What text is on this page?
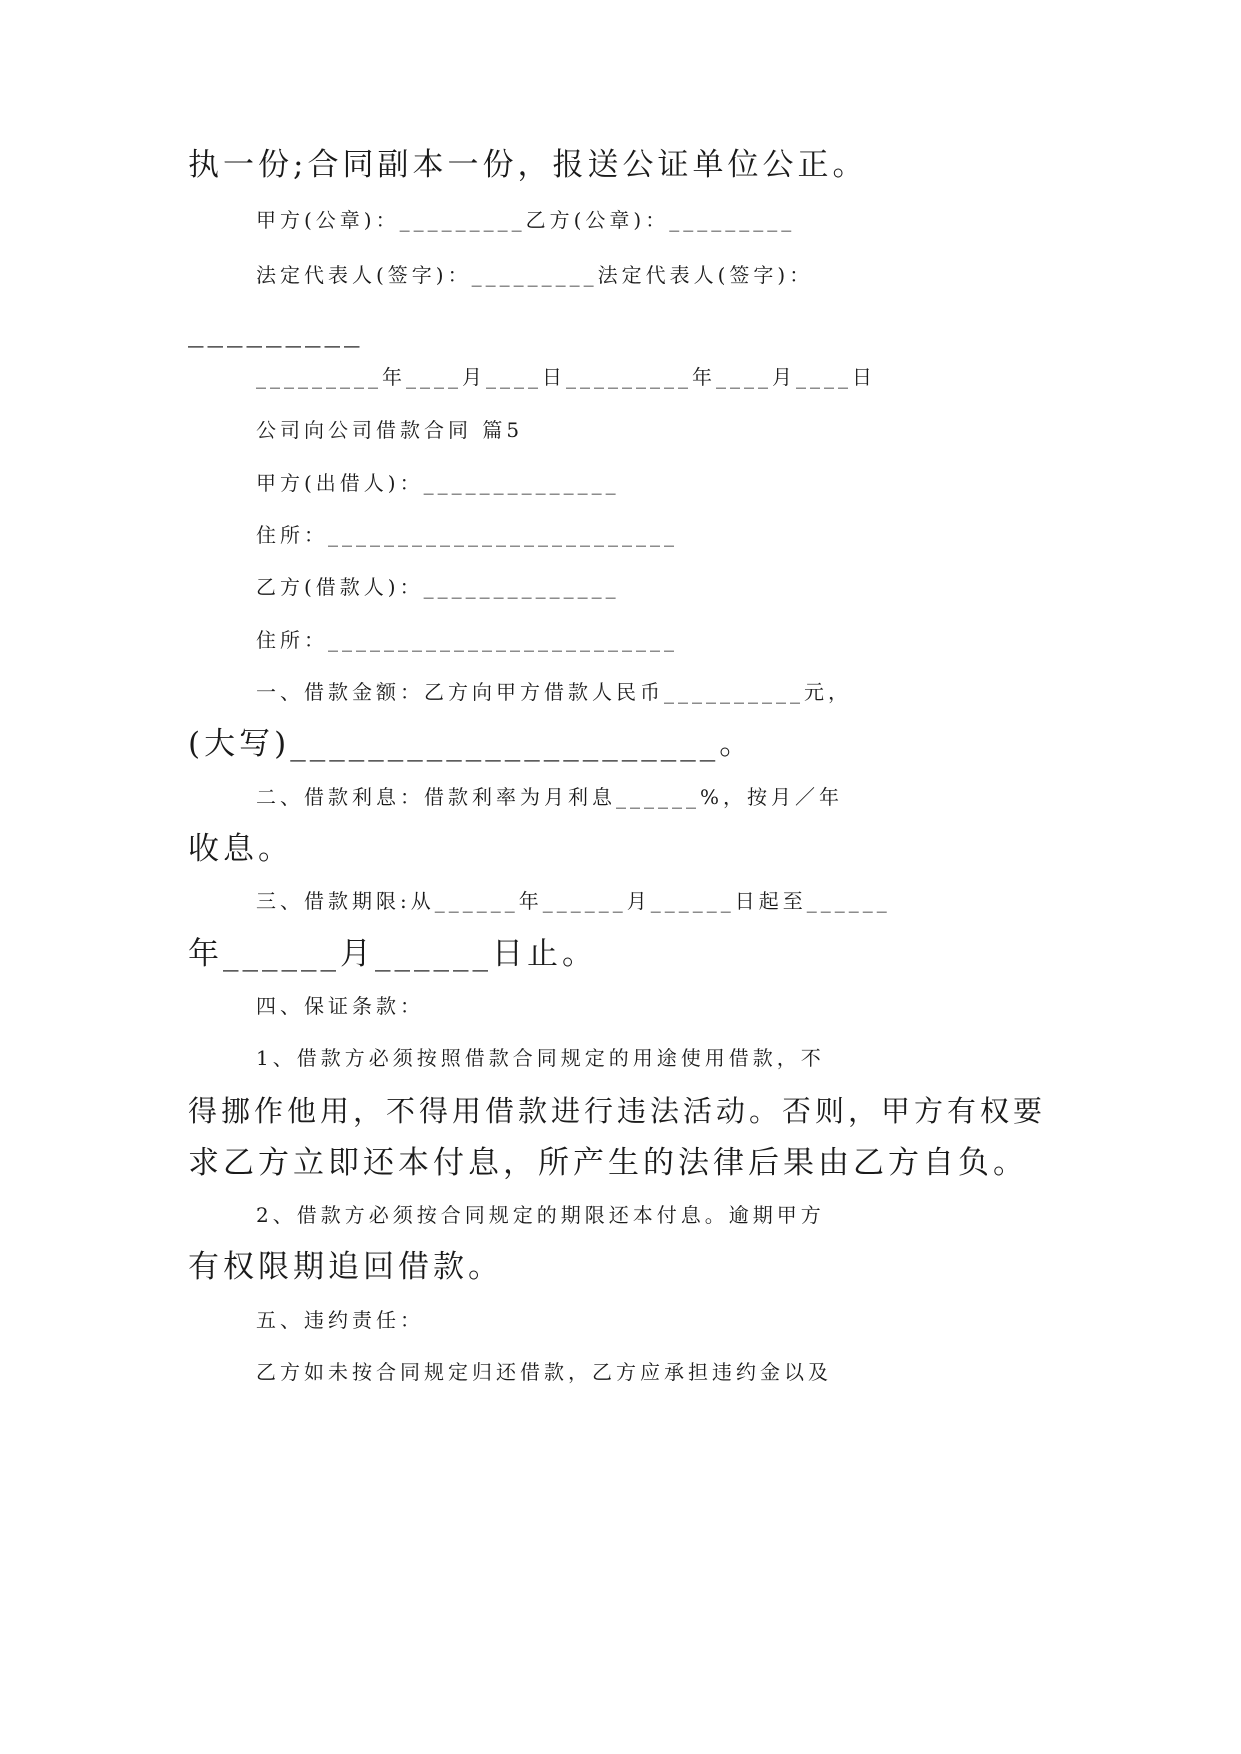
执一份;合同副本一份，报送公证单位公正。
甲方(公章)：_________乙方(公章)：_________
法定代表人(签字)：_________法定代表人(签字)：
_________
_________年____月____日_________年____月____日
公司向公司借款合同 篇5
甲方(出借人)：______________
住所：_________________________
乙方(借款人)：______________
住所：_________________________
一、借款金额：乙方向甲方借款人民币__________元，
(大写)______________________。
二、借款利息：借款利率为月利息______%，按月／年
收息。
三、借款期限:从______年______月______日起至______
年______月______日止。
四、保证条款：
1、借款方必须按照借款合同规定的用途使用借款，不
得挪作他用，不得用借款进行违法活动。否则，甲方有权要
求乙方立即还本付息，所产生的法律后果由乙方自负。
2、借款方必须按合同规定的期限还本付息。逾期甲方
有权限期追回借款。
五、违约责任：
乙方如未按合同规定归还借款，乙方应承担违约金以及
